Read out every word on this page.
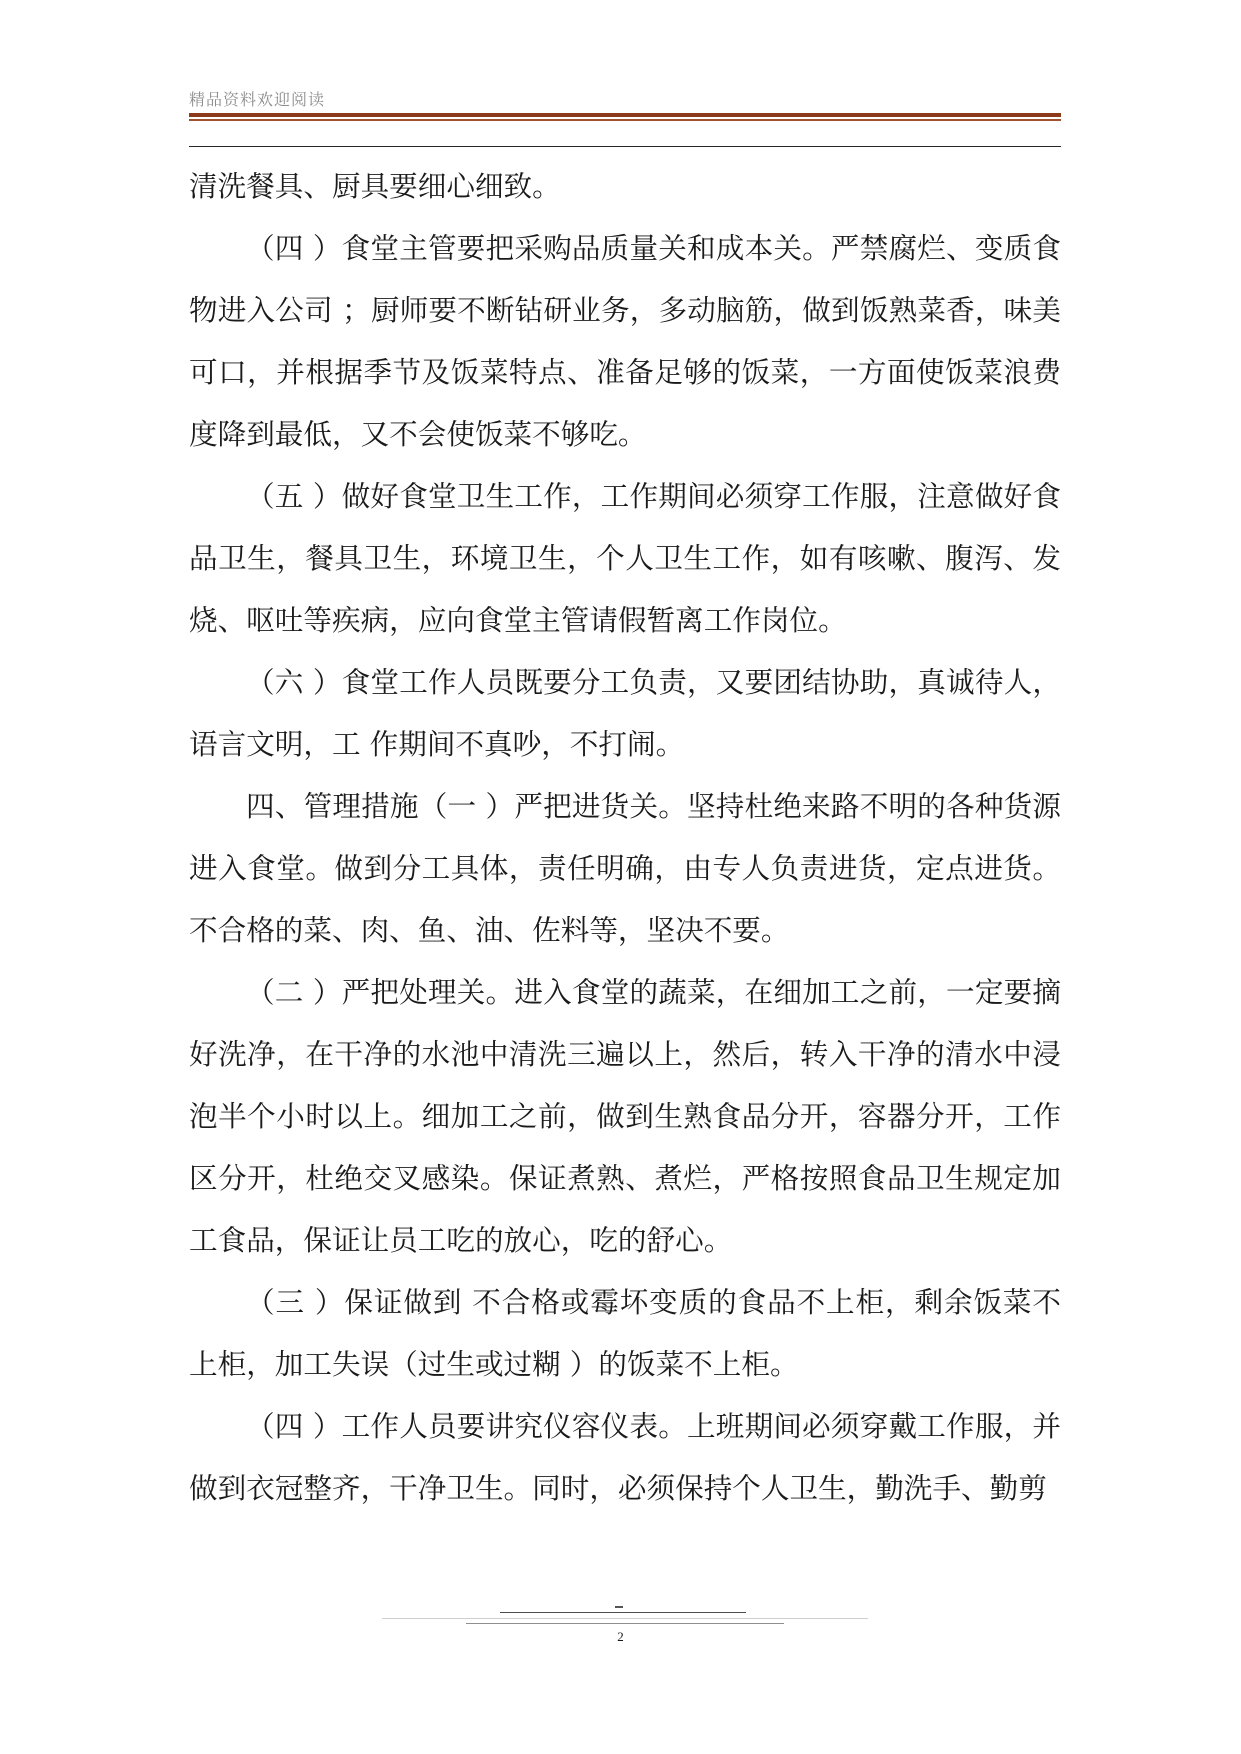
精品资料欢迎阅读

清洗餐具、厨具要细心细致。

（四 ）食堂主管要把采购品质量关和成本关。严禁腐烂、变质食物进入公司 ；厨师要不断钻研业务，多动脑筋，做到饭熟菜香，味美可口，并根据季节及饭菜特点、准备足够的饭菜，一方面使饭菜浪费度降到最低，又不会使饭菜不够吃。

（五 ）做好食堂卫生工作，工作期间必须穿工作服，注意做好食品卫生，餐具卫生，环境卫生，个人卫生工作，如有咳嗽、腹泻、发烧、呕吐等疾病，应向食堂主管请假暂离工作岗位。

（六 ）食堂工作人员既要分工负责，又要团结协助，真诚待人，语言文明，工 作期间不真吵，不打闹。

四、管理措施（一 ）严把进货关。坚持杜绝来路不明的各种货源进入食堂。做到分工具体，责任明确，由专人负责进货，定点进货。不合格的菜、肉、鱼、油、佐料等，坚决不要。

（二 ）严把处理关。进入食堂的蔬菜，在细加工之前，一定要摘好洗净，在干净的水池中清洗三遍以上，然后，转入干净的清水中浸泡半个小时以上。细加工之前，做到生熟食品分开，容器分开，工作区分开，杜绝交叉感染。保证煮熟、煮烂，严格按照食品卫生规定加工食品，保证让员工吃的放心，吃的舒心。

（三 ）保证做到 不合格或霉坏变质的食品不上柜，剩余饭菜不上柜，加工失误（过生或过糊 ）的饭菜不上柜。

（四 ）工作人员要讲究仪容仪表。上班期间必须穿戴工作服，并做到衣冠整齐，干净卫生。同时，必须保持个人卫生，勤洗手、勤剪

2
